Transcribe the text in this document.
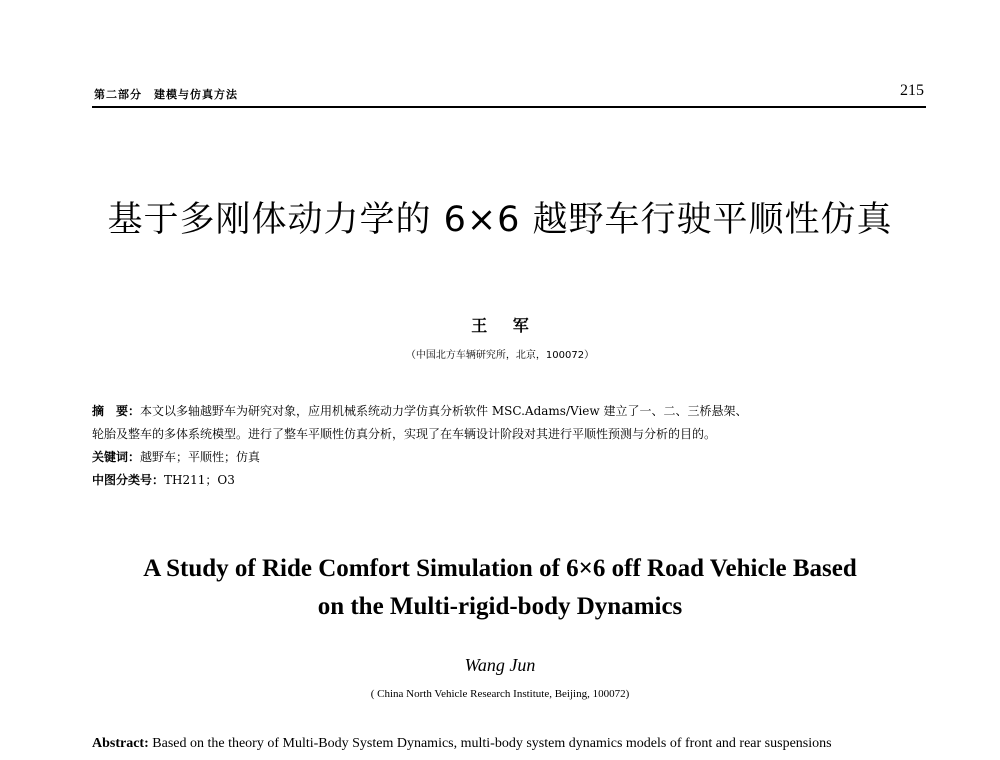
第二部分　建模与仿真方法	215
基于多刚体动力学的 6×6 越野车行驶平顺性仿真
王 军
（中国北方车辆研究所，北京，100072）
摘　要：本文以多轴越野车为研究对象，应用机械系统动力学仿真分析软件 MSC.Adams/View 建立了一、二、三桥悬架、
轮胎及整车的多体系统模型。进行了整车平顺性仿真分析，实现了在车辆设计阶段对其进行平顺性预测与分析的目的。
关键词：越野车；平顺性；仿真
中图分类号：TH211；O3
A Study of Ride Comfort Simulation of 6×6 off Road Vehicle Based
on the Multi-rigid-body Dynamics
Wang Jun
( China North Vehicle Research Institute, Beijing, 100072)
Abstract: Based on the theory of Multi-Body System Dynamics, multi-body system dynamics models of front and rear suspensions
